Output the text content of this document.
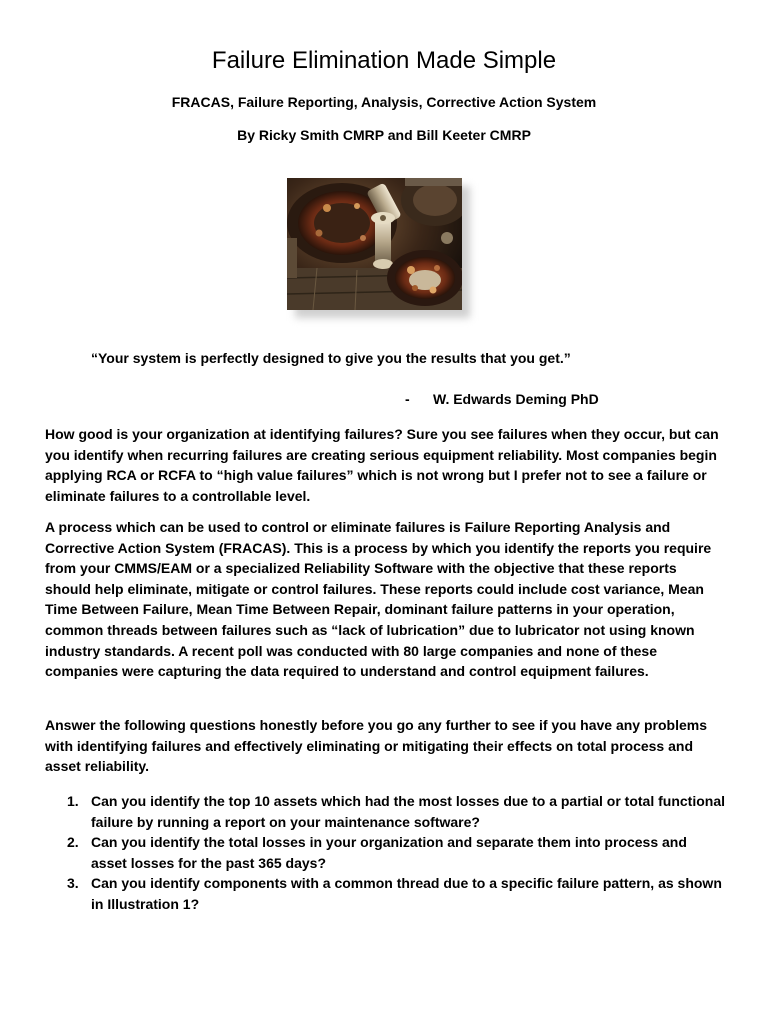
Failure Elimination Made Simple
FRACAS, Failure Reporting, Analysis, Corrective Action System
By Ricky Smith CMRP and Bill Keeter CMRP
“Your system is perfectly designed to give you the results that you get.”
- W. Edwards Deming PhD

How good is your organization at identifying failures? Sure you see failures when they occur, but can you identify when recurring failures are creating serious equipment reliability. Most companies begin applying RCA or RCFA to “high value failures” which is not wrong but I prefer not to see a failure or eliminate failures to a controllable level.

A process which can be used to control or eliminate failures is Failure Reporting Analysis and Corrective Action System (FRACAS). This is a process by which you identify the reports you require from your CMMS/EAM or a specialized Reliability Software with the objective that these reports should help eliminate, mitigate or control failures. These reports could include cost variance, Mean Time Between Failure, Mean Time Between Repair, dominant failure patterns in your operation, common threads between failures such as “lack of lubrication” due to lubricator not using known industry standards. A recent poll was conducted with 80 large companies and none of these companies were capturing the data required to understand and control equipment failures.

Answer the following questions honestly before you go any further to see if you have any problems with identifying failures and effectively eliminating or mitigating their effects on total process and asset reliability.

1. Can you identify the top 10 assets which had the most losses due to a partial or total functional failure by running a report on your maintenance software?
2. Can you identify the total losses in your organization and separate them into process and asset losses for the past 365 days?
3. Can you identify components with a common thread due to a specific failure pattern, as shown in Illustration 1?
